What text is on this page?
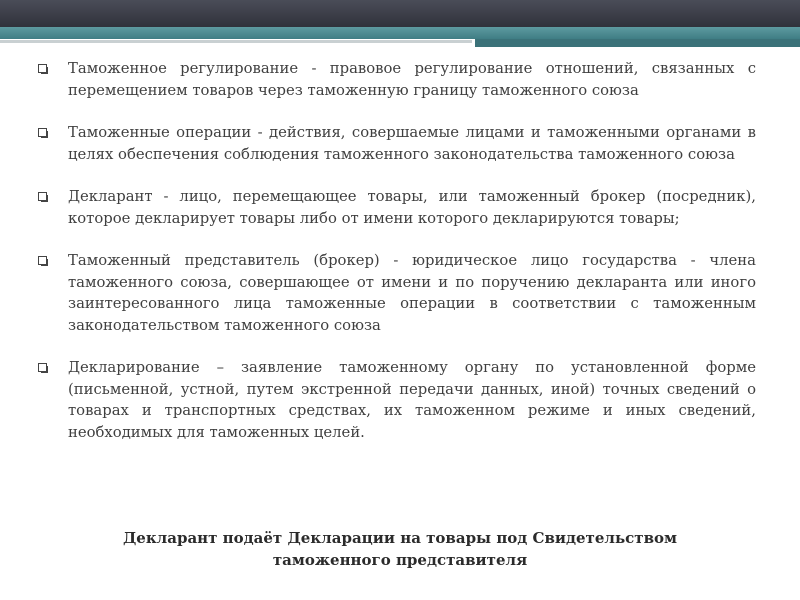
Таможенное регулирование - правовое регулирование отношений, связанных с перемещением товаров через таможенную границу таможенного союза
Таможенные операции - действия, совершаемые лицами и таможенными органами в целях обеспечения соблюдения таможенного законодательства таможенного союза
Декларант - лицо, перемещающее товары, или таможенный брокер (посредник), которое декларирует товары либо от имени которого декларируются товары;
Таможенный представитель (брокер) - юридическое лицо государства - члена таможенного союза, совершающее от имени и по поручению декларанта или иного заинтересованного лица таможенные операции в соответствии с таможенным законодательством таможенного союза
Декларирование – заявление таможенному органу по установленной форме (письменной, устной, путем экстренной передачи данных, иной) точных сведений о товарах и транспортных средствах, их таможенном режиме и иных сведений, необходимых для таможенных целей.
Декларант подаёт Декларации на товары под Свидетельством
таможенного представителя
